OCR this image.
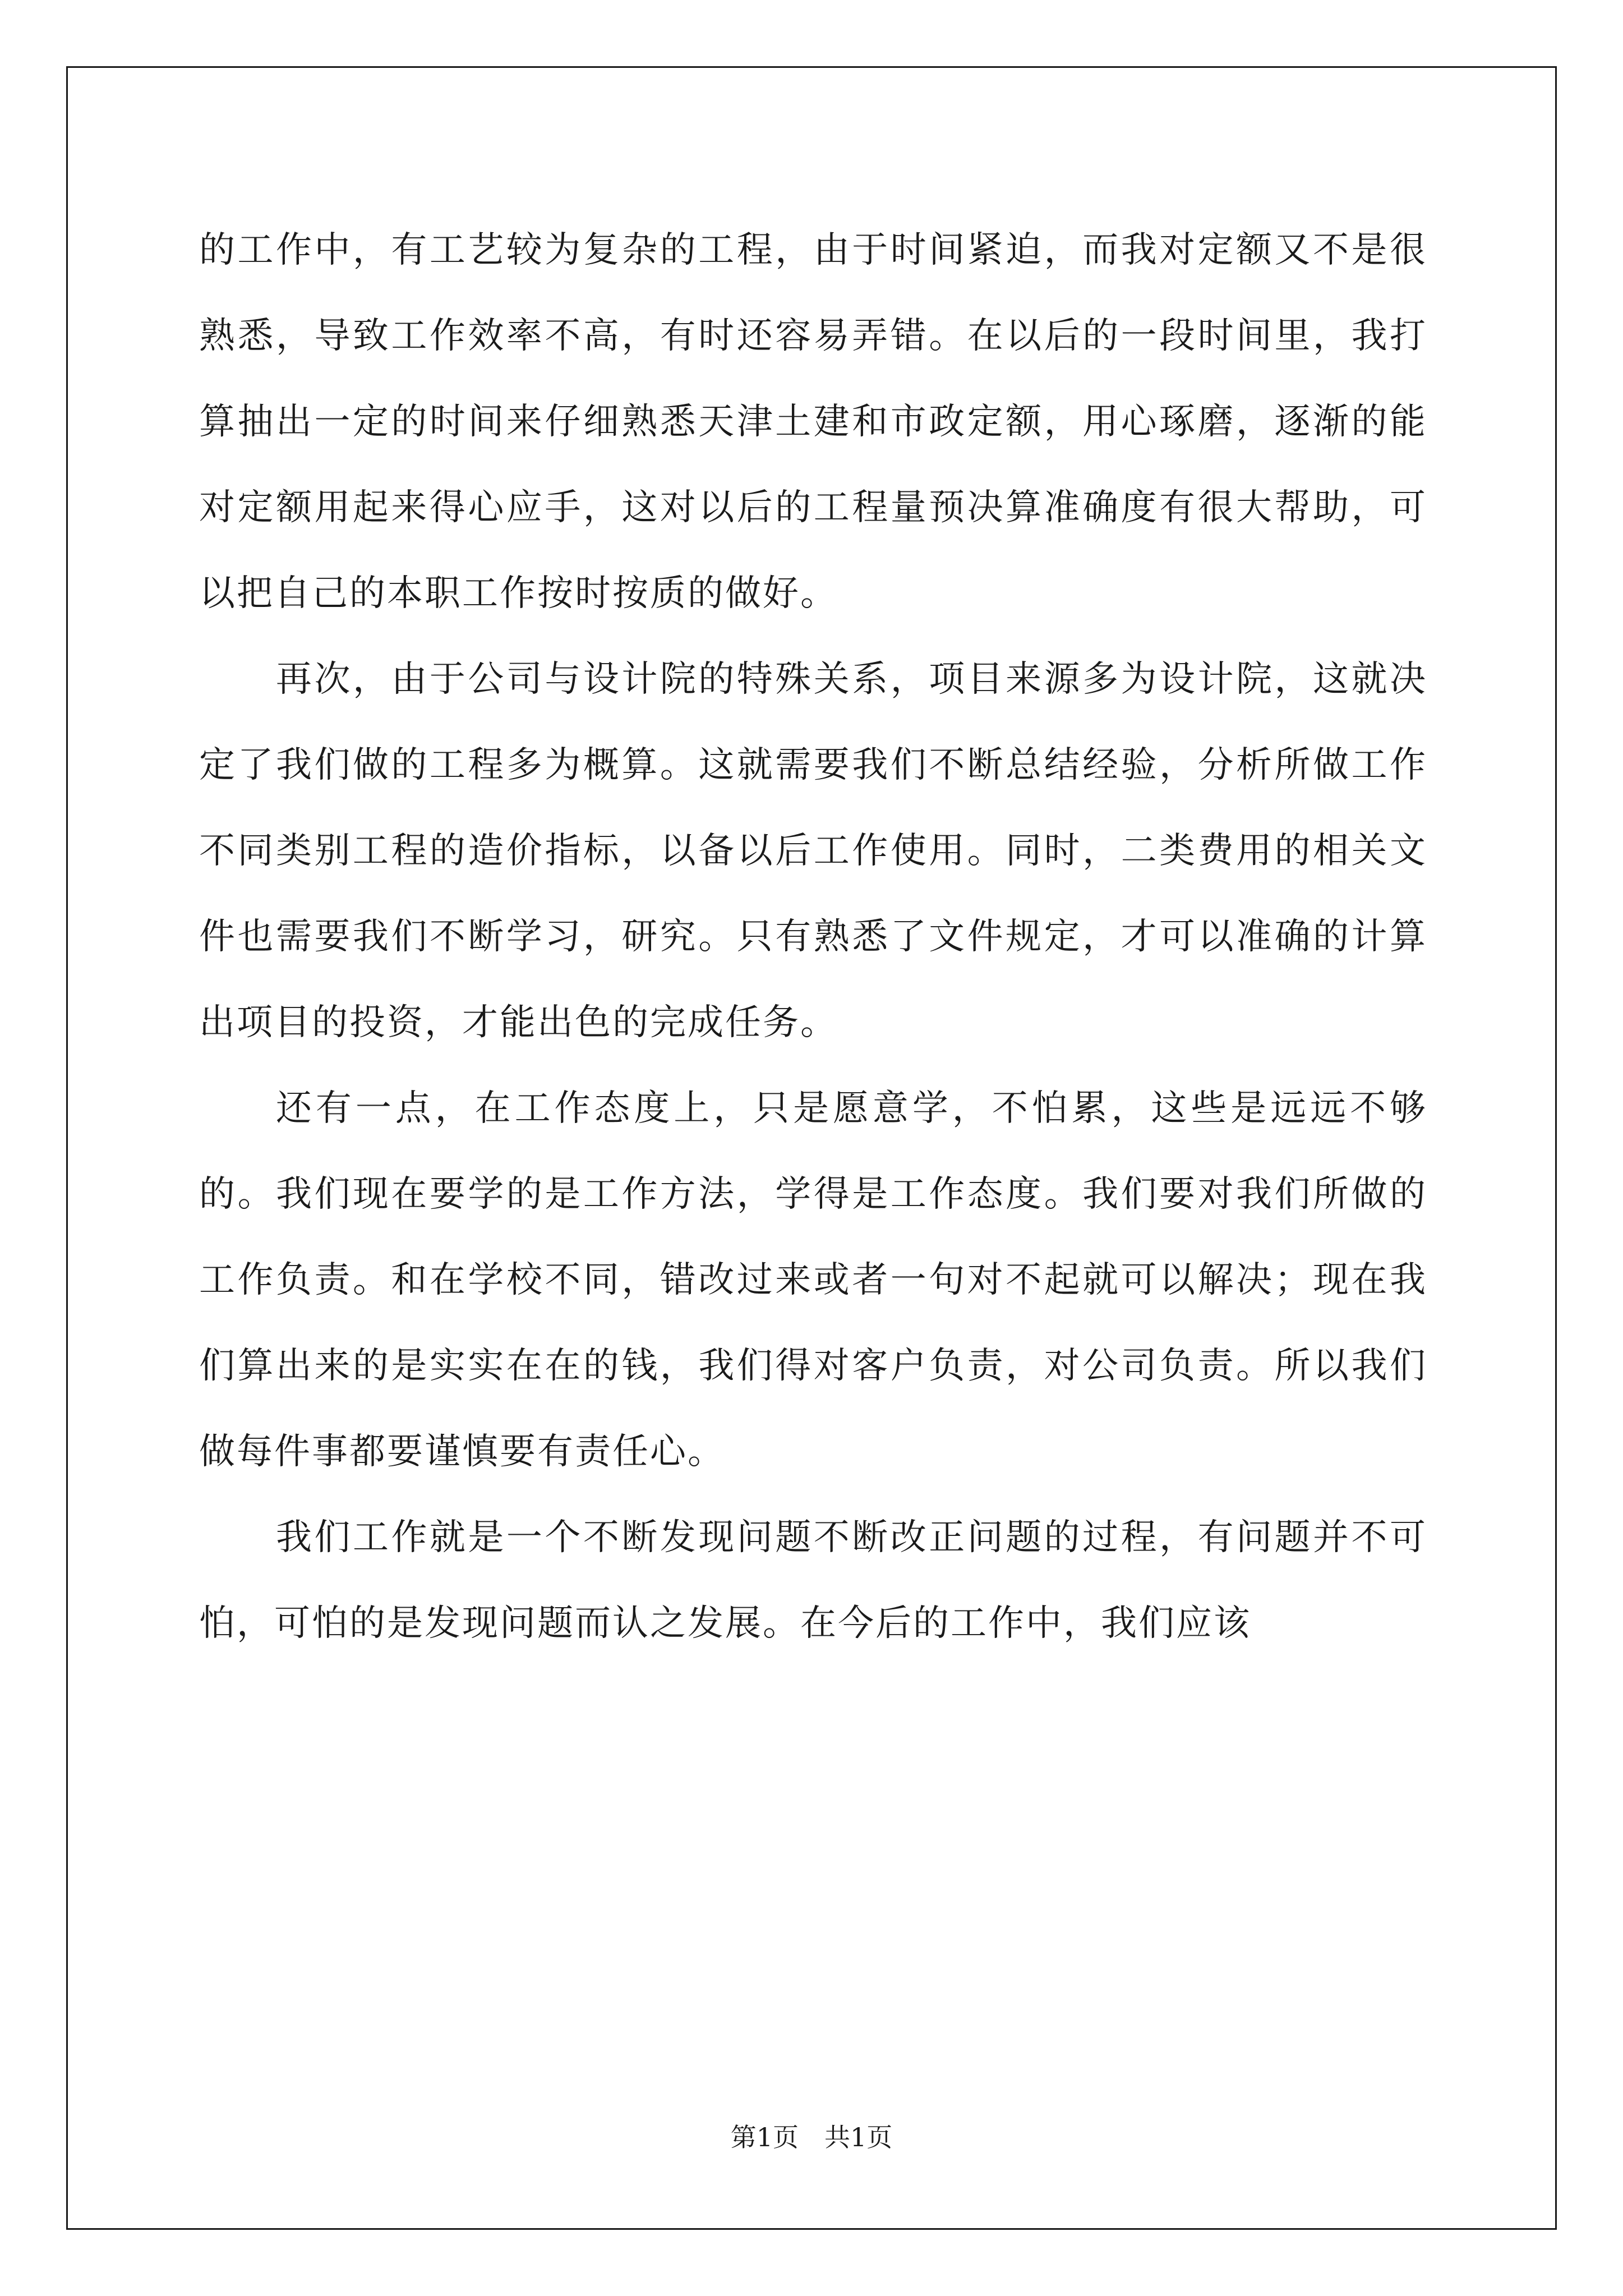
的工作中，有工艺较为复杂的工程，由于时间紧迫，而我对定额又不是很熟悉，导致工作效率不高，有时还容易弄错。在以后的一段时间里，我打算抽出一定的时间来仔细熟悉天津土建和市政定额，用心琢磨，逐渐的能对定额用起来得心应手，这对以后的工程量预决算准确度有很大帮助，可以把自己的本职工作按时按质的做好。

再次，由于公司与设计院的特殊关系，项目来源多为设计院，这就决定了我们做的工程多为概算。这就需要我们不断总结经验，分析所做工作不同类别工程的造价指标，以备以后工作使用。同时，二类费用的相关文件也需要我们不断学习，研究。只有熟悉了文件规定，才可以准确的计算出项目的投资，才能出色的完成任务。

还有一点，在工作态度上，只是愿意学，不怕累，这些是远远不够的。我们现在要学的是工作方法，学得是工作态度。我们要对我们所做的工作负责。和在学校不同，错改过来或者一句对不起就可以解决；现在我们算出来的是实实在在的钱，我们得对客户负责，对公司负责。所以我们做每件事都要谨慎要有责任心。

我们工作就是一个不断发现问题不断改正问题的过程，有问题并不可怕，可怕的是发现问题而认之发展。在今后的工作中，我们应该

第1页　共1页
